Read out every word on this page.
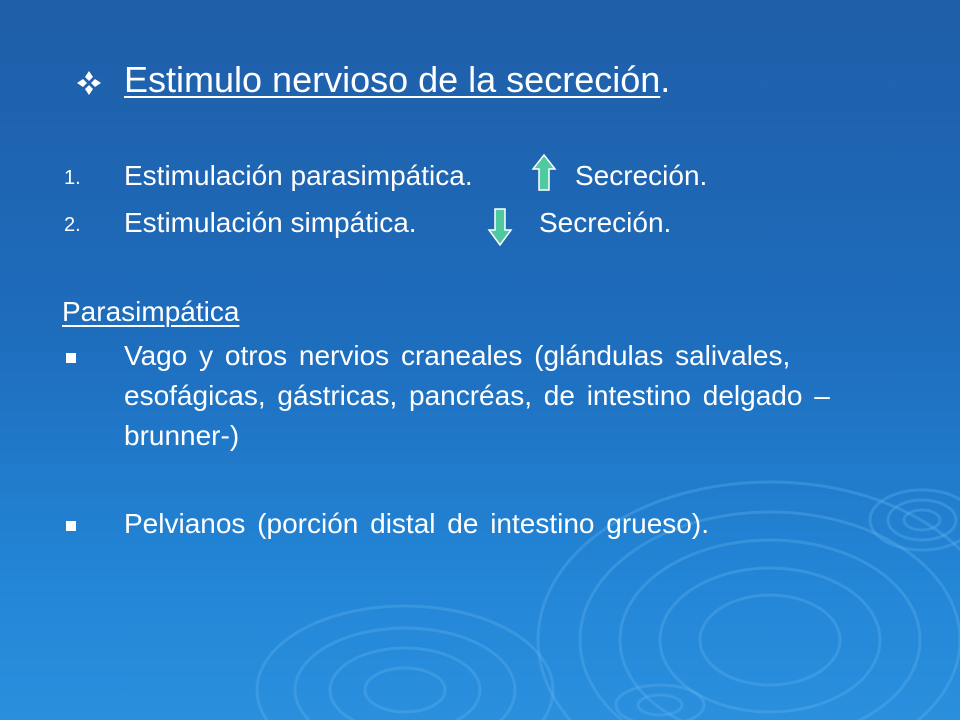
Estimulo nervioso de la secreción.
1. Estimulación parasimpática.	Secreción.
2. Estimulación simpática.	Secreción.
Parasimpática
Vago y otros nervios craneales (glándulas salivales, esofágicas, gástricas, pancréas, de intestino delgado – brunner-)
Pelvianos (porción distal de intestino grueso).
